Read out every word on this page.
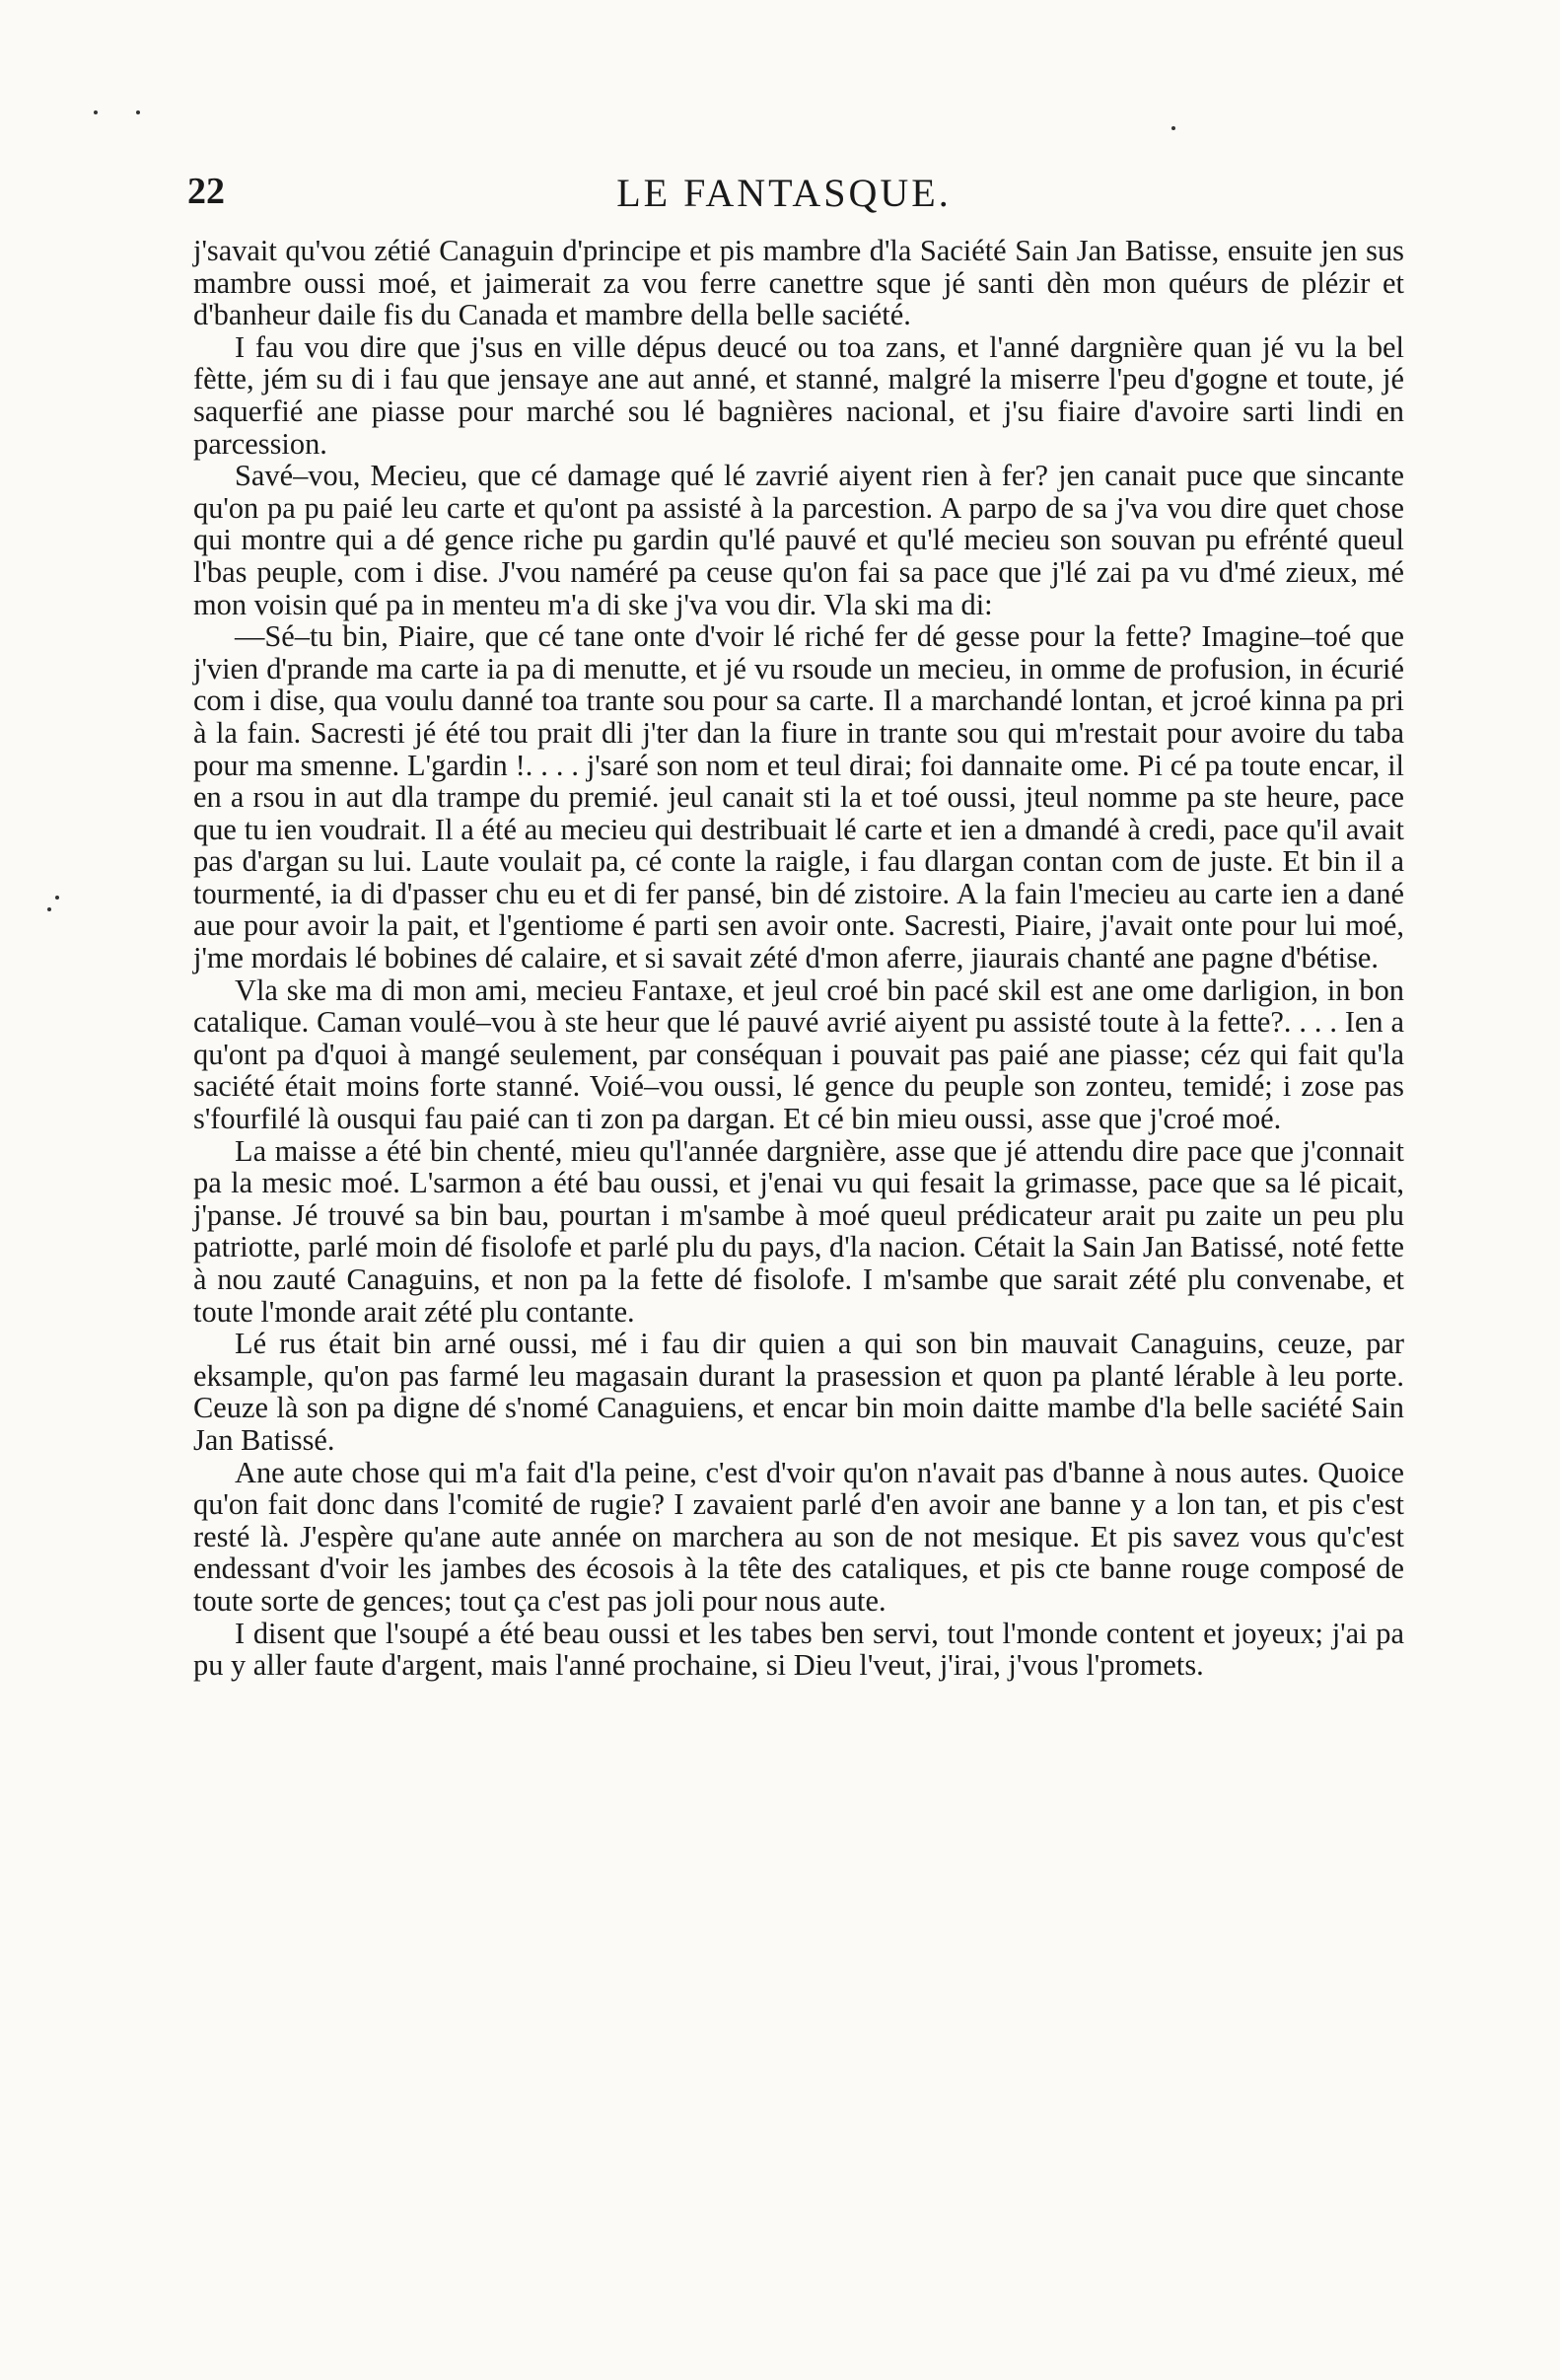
22	LE FANTASQUE.

j'savait qu'vou zétié Canaguin d'principe et pis mambre d'la Saciété Sain Jan Batisse, ensuite jen sus mambre oussi moé, et jaimerait za vou ferre canettre sque jé santi dèn mon quéurs de plézir et d'banheur daile fis du Canada et mambre della belle saciété.

I fau vou dire que j'sus en ville dépus deucé ou toa zans, et l'anné dargnière quan jé vu la bel fètte, jém su di i fau que jensaye ane aut anné, et stanné, malgré la miserre l'peu d'gogne et toute, jé saquerfié ane piasse pour marché sou lé bagnières nacional, et j'su fiaire d'avoire sarti lindi en parcession.

Savé–vou, Mecieu, que cé damage qué lé zavrié aiyent rien à fer? jen canait puce que sincante qu'on pa pu paié leu carte et qu'ont pa assisté à la parcestion. A parpo de sa j'va vou dire quet chose qui montre qui a dé gence riche pu gardin qu'lé pauvé et qu'lé mecieu son souvan pu efrénté queul l'bas peuple, com i dise. J'vou naméré pa ceuse qu'on fai sa pace que j'lé zai pa vu d'mé zieux, mé mon voisin qué pa in menteu m'a di ske j'va vou dir. Vla ski ma di:

—Sé–tu bin, Piaire, que cé tane onte d'voir lé riché fer dé gesse pour la fette? Imagine–toé que j'vien d'prande ma carte ia pa di menutte, et jé vu rsoude un mecieu, in omme de profusion, in écurié com i dise, qua voulu danné toa trante sou pour sa carte. Il a marchandé lontan, et jcroé kinna pa pri à la fain. Sacresti jé été tou prait dli j'ter dan la fiure in trante sou qui m'restait pour avoire du taba pour ma smenne. L'gardin !. . . . j'saré son nom et teul dirai; foi dannaite ome. Pi cé pa toute encar, il en a rsou in aut dla trampe du premié. jeul canait sti la et toé oussi, jteul nomme pa ste heure, pace que tu ien voudrait. Il a été au mecieu qui destribuait lé carte et ien a dmandé à credi, pace qu'il avait pas d'argan su lui. Laute voulait pa, cé conte la raigle, i fau dlargan contan com de juste. Et bin il a tourmenté, ia di d'passer chu eu et di fer pansé, bin dé zistoire. A la fain l'mecieu au carte ien a dané aue pour avoir la pait, et l'gentiome é parti sen avoir onte. Sacresti, Piaire, j'avait onte pour lui moé, j'me mordais lé bobines dé calaire, et si savait zété d'mon aferre, jiaurais chanté ane pagne d'bétise.

Vla ske ma di mon ami, mecieu Fantaxe, et jeul croé bin pacé skil est ane ome darligion, in bon catalique. Caman voulé–vou à ste heur que lé pauvé avrié aiyent pu assisté toute à la fette?. . . . Ien a qu'ont pa d'quoi à mangé seulement, par conséquan i pouvait pas paié ane piasse; céz qui fait qu'la saciété était moins forte stanné. Voié–vou oussi, lé gence du peuple son zonteu, temidé; i zose pas s'fourfilé là ousqui fau paié can ti zon pa dargan. Et cé bin mieu oussi, asse que j'croé moé.

La maisse a été bin chenté, mieu qu'l'année dargnière, asse que jé attendu dire pace que j'connait pa la mesic moé. L'sarmon a été bau oussi, et j'enai vu qui fesait la grimasse, pace que sa lé picait, j'panse. Jé trouvé sa bin bau, pourtan i m'sambe à moé queul prédicateur arait pu zaite un peu plu patriotte, parlé moin dé fisolofe et parlé plu du pays, d'la nacion. Cétait la Sain Jan Batissé, noté fette à nou zauté Canaguins, et non pa la fette dé fisolofe. I m'sambe que sarait zété plu convenabe, et toute l'monde arait zété plu contante.

Lé rus était bin arné oussi, mé i fau dir quien a qui son bin mauvait Canaguins, ceuze, par eksample, qu'on pas farmé leu magasain durant la prasession et quon pa planté lérable à leu porte. Ceuze là son pa digne dé s'nomé Canaguiens, et encar bin moin daitte mambe d'la belle saciété Sain Jan Batissé.

Ane aute chose qui m'a fait d'la peine, c'est d'voir qu'on n'avait pas d'banne à nous autes. Quoice qu'on fait donc dans l'comité de rugie? I zavaient parlé d'en avoir ane banne y a lon tan, et pis c'est resté là. J'espère qu'ane aute année on marchera au son de not mesique. Et pis savez vous qu'c'est endessant d'voir les jambes des écosois à la tête des cataliques, et pis cte banne rouge composé de toute sorte de gences; tout ça c'est pas joli pour nous aute.

I disent que l'soupé a été beau oussi et les tabes ben servi, tout l'monde content et joyeux; j'ai pa pu y aller faute d'argent, mais l'anné prochaine, si Dieu l'veut, j'irai, j'vous l'promets.
